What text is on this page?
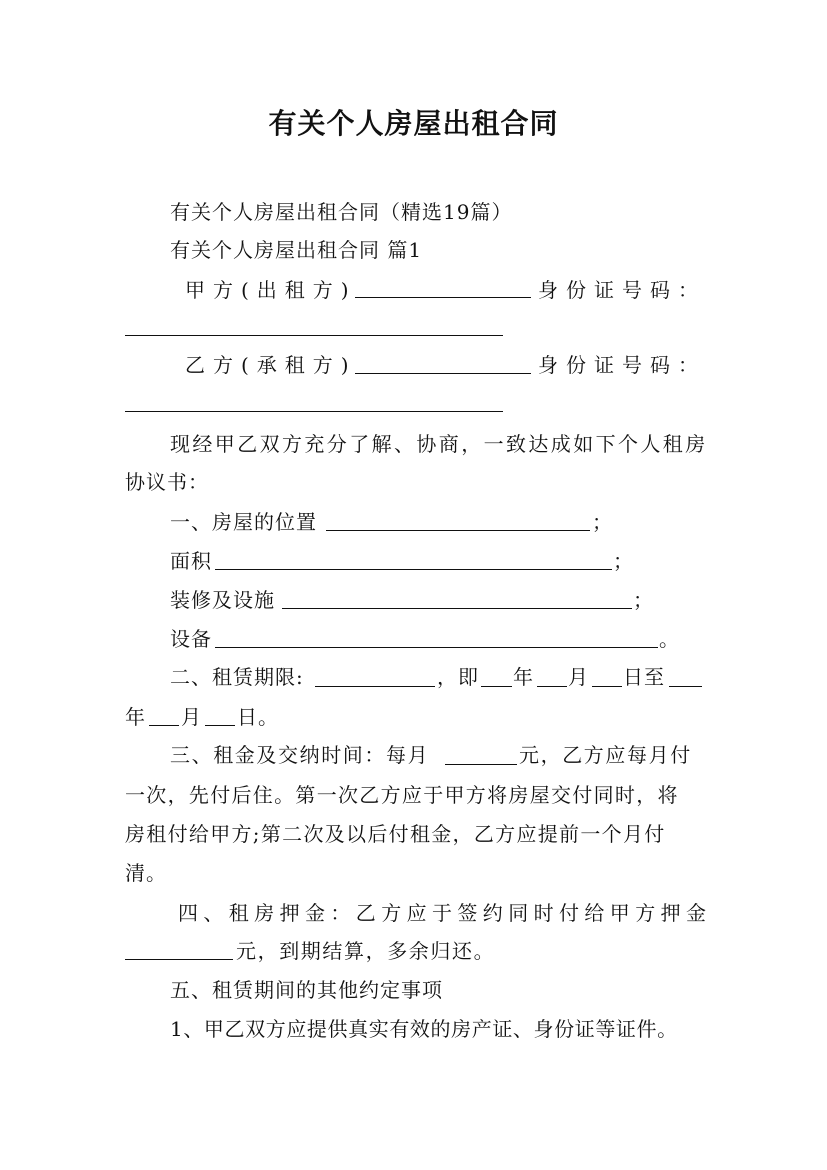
有关个人房屋出租合同
有关个人房屋出租合同（精选19篇）
有关个人房屋出租合同 篇1
甲方(出租方)	身份证号码：
乙方(承租方)	身份证号码：
现经甲乙双方充分了解、协商，一致达成如下个人租房
协议书：
一、房屋的位置	；
面积	；
装修及设施	；
设备	。
二、租赁期限:	，即 年 月 日至
年 月 日。
三、租金及交纳时间：每月	元，乙方应每月付
一次，先付后住。第一次乙方应于甲方将房屋交付同时，将
房租付给甲方;第二次及以后付租金，乙方应提前一个月付
清。
四、租房押金：乙方应于签约同时付给甲方押金
元，到期结算，多余归还。
五、租赁期间的其他约定事项
1、甲乙双方应提供真实有效的房产证、身份证等证件。
